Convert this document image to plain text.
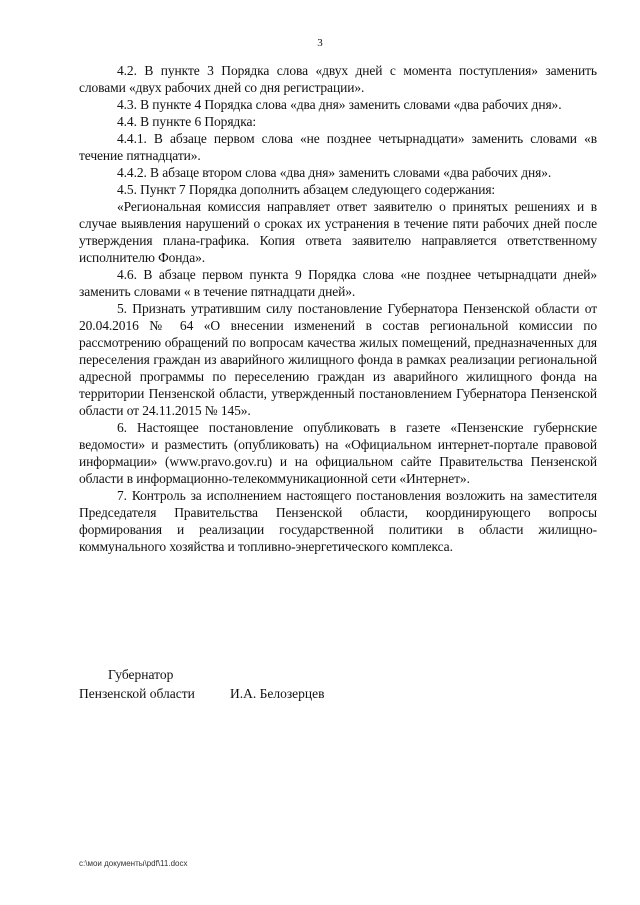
3

4.2. В пункте 3 Порядка слова «двух дней с момента поступления» заменить словами «двух рабочих дней со дня регистрации».

4.3. В пункте 4 Порядка слова «два дня» заменить словами «два рабочих дня».

4.4. В пункте 6 Порядка:

4.4.1. В абзаце первом слова «не позднее четырнадцати» заменить словами «в течение пятнадцати».

4.4.2. В абзаце втором слова «два дня» заменить словами «два рабочих дня».

4.5. Пункт 7 Порядка дополнить абзацем следующего содержания:

«Региональная комиссия направляет ответ заявителю о принятых решениях и в случае выявления нарушений о сроках их устранения в течение пяти рабочих дней после утверждения плана-графика. Копия ответа заявителю направляется ответственному исполнителю Фонда».

4.6. В абзаце первом пункта 9 Порядка слова «не позднее четырнадцати дней» заменить словами « в течение пятнадцати дней».

5. Признать утратившим силу постановление Губернатора Пензенской области от 20.04.2016 № 64 «О внесении изменений в состав региональной комиссии по рассмотрению обращений по вопросам качества жилых помещений, предназначенных для переселения граждан из аварийного жилищного фонда в рамках реализации региональной адресной программы по переселению граждан из аварийного жилищного фонда на территории Пензенской области, утвержденный постановлением Губернатора Пензенской области от 24.11.2015 № 145».

6. Настоящее постановление опубликовать в газете «Пензенские губернские ведомости» и разместить (опубликовать) на «Официальном интернет-портале правовой информации» (www.pravo.gov.ru) и на официальном сайте Правительства Пензенской области в информационно-телекоммуникационной сети «Интернет».

7. Контроль за исполнением настоящего постановления возложить на заместителя Председателя Правительства Пензенской области, координирующего вопросы формирования и реализации государственной политики в области жилищно-коммунального хозяйства и топливно-энергетического комплекса.

Губернатор
Пензенской области	И.А. Белозерцев
c:\мои документы\pdf\11.docx
